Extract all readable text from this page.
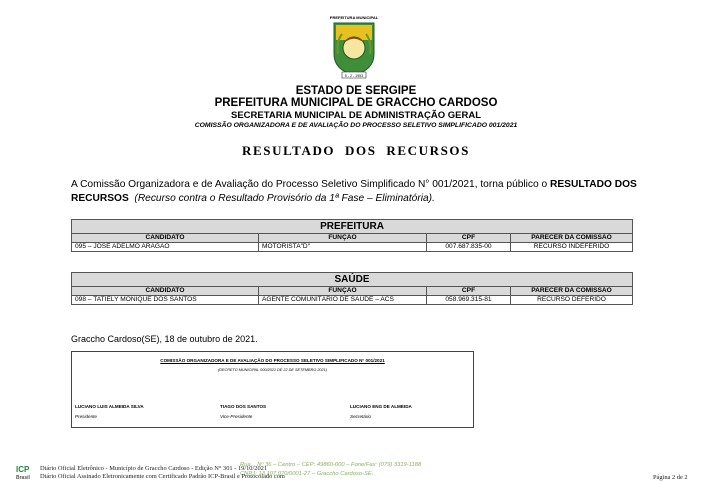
PREFEITURA MUNICIPAL
5 - 2 - 1953
ESTADO DE SERGIPE
PREFEITURA MUNICIPAL DE GRACCHO CARDOSO
SECRETARIA MUNICIPAL DE ADMINISTRAÇÃO GERAL
COMISSÃO ORGANIZADORA E DE AVALIAÇÃO DO PROCESSO SELETIVO SIMPLIFICADO 001/2021
RESULTADO DOS RECURSOS
A Comissão Organizadora e de Avaliação do Processo Seletivo Simplificado N° 001/2021, torna público o RESULTADO DOS RECURSOS (Recurso contra o Resultado Provisório da 1ª Fase – Eliminatória).
PREFEITURA			
CANDIDATO	FUNÇÃO	CPF	PARECER DA COMISSÃO
095 – JOSÉ ADELMO ARAGÃO	MOTORISTA"D"	007.687.835-00	RECURSO INDEFERIDO
SAÚDE			
CANDIDATO	FUNÇÃO	CPF	PARECER DA COMISSÃO
098 – TATIELY MONIQUE DOS SANTOS	AGENTE COMUNITÁRIO DE SAÚDE – ACS	058.969.315-81	RECURSO DEFERIDO
Graccho Cardoso(SE), 18 de outubro de 2021.
COMISSÃO ORGANIZADORA E DE AVALIAÇÃO DO PROCESSO SELETIVO SIMPLIFICADO N° 001/2021
(DECRETO MUNICIPAL 000/2021 DE 22 DE SETEMBRO 2021)
LUCIANO LUIS ALMEIDA SILVA
Presidente
TIAGO DOS SANTOS
Vice-Presidente
LUCIANO ENG DE ALMEIDA
Secretário
Rua... Nº 36 – Centro – CEP: 49860-000 – Fone/Fax: (079) 3319-1188
CNPJ: 13.107.070/0001-27 – Graccho Cardoso-SE.
ICP
Brasil
Diário Oficial Eletrônico - Município de Graccho Cardoso - Edição N° 301 - 19/10/2021
Diário Oficial Assinado Eletronicamente com Certificado Padrão ICP-Brasil e Protocolado com	Página 2 de 2
